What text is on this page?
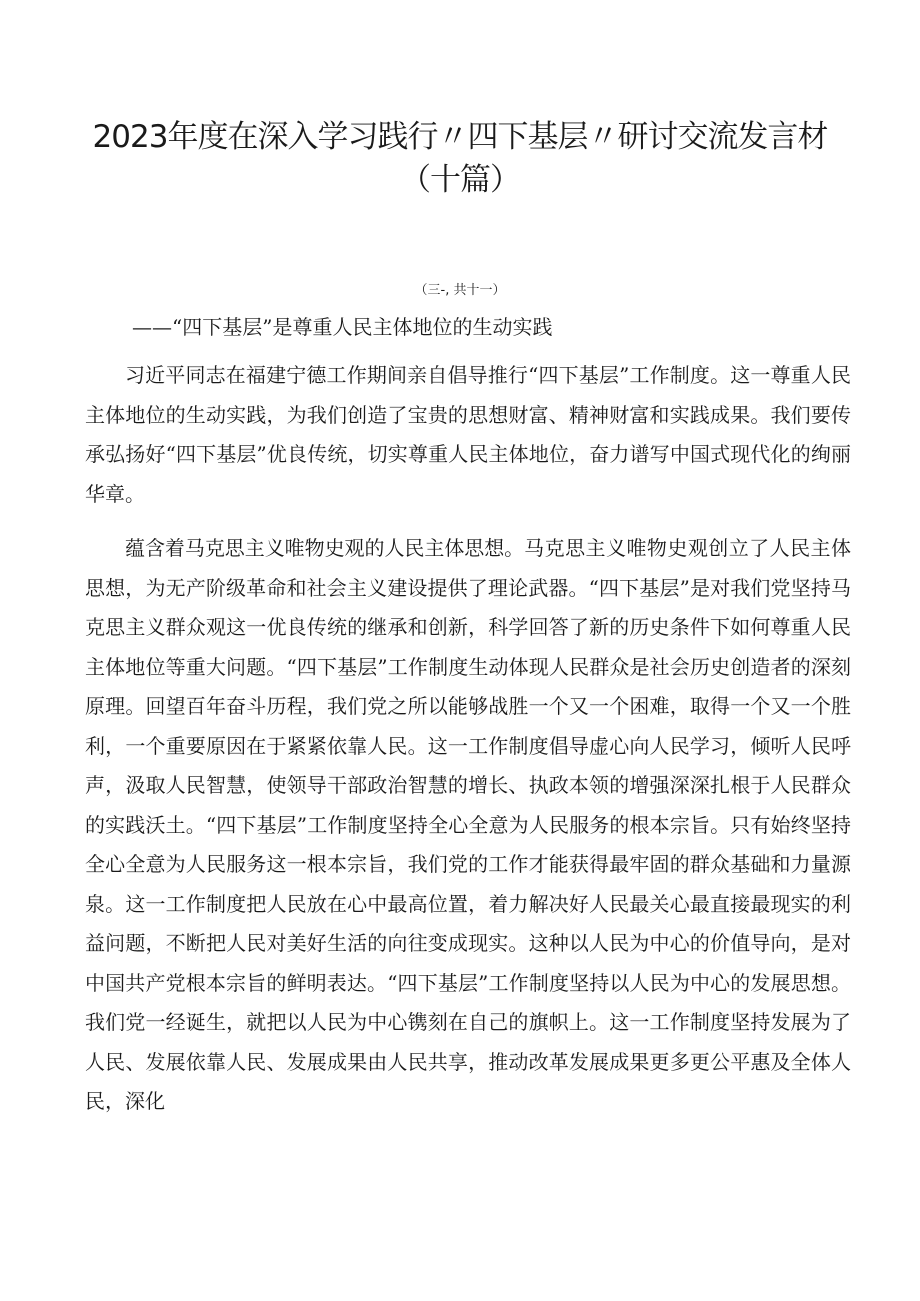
2023年度在深入学习践行〃四下基层〃研讨交流发言材
（十篇）
（三-, 共十一）
——“四下基层”是尊重人民主体地位的生动实践

习近平同志在福建宁德工作期间亲自倡导推行“四下基层”工作制度。这一尊重人民主体地位的生动实践，为我们创造了宝贵的思想财富、精神财富和实践成果。我们要传承弘扬好“四下基层”优良传统，切实尊重人民主体地位，奋力谱写中国式现代化的绚丽华章。

蕴含着马克思主义唯物史观的人民主体思想。马克思主义唯物史观创立了人民主体思想，为无产阶级革命和社会主义建设提供了理论武器。“四下基层”是对我们党坚持马克思主义群众观这一优良传统的继承和创新，科学回答了新的历史条件下如何尊重人民主体地位等重大问题。“四下基层”工作制度生动体现人民群众是社会历史创造者的深刻原理。回望百年奋斗历程，我们党之所以能够战胜一个又一个困难，取得一个又一个胜利，一个重要原因在于紧紧依靠人民。这一工作制度倡导虚心向人民学习，倾听人民呼声，汲取人民智慧，使领导干部政治智慧的增长、执政本领的增强深深扎根于人民群众的实践沃土。“四下基层”工作制度坚持全心全意为人民服务的根本宗旨。只有始终坚持全心全意为人民服务这一根本宗旨，我们党的工作才能获得最牢固的群众基础和力量源泉。这一工作制度把人民放在心中最高位置，着力解决好人民最关心最直接最现实的利益问题，不断把人民对美好生活的向往变成现实。这种以人民为中心的价值导向，是对中国共产党根本宗旨的鲜明表达。“四下基层”工作制度坚持以人民为中心的发展思想。我们党一经诞生，就把以人民为中心镌刻在自己的旗帜上。这一工作制度坚持发展为了人民、发展依靠人民、发展成果由人民共享，推动改革发展成果更多更公平惠及全体人民，深化
